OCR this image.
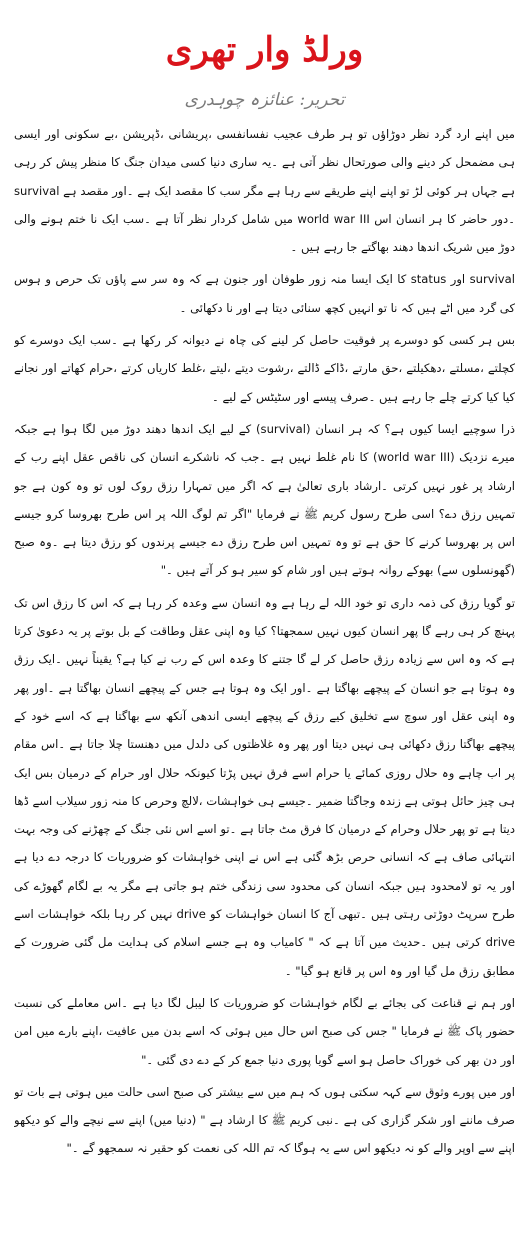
ورلڈ وار تھری
تحریر: عنائزہ چوہدری

میں اپنے ارد گرد نظر دوڑاؤں تو ہر طرف عجیب نفسانفسی ،پریشانی ،ڈپریشن ،بے سکونی اور ایسی ہی مضمحل کر دینے والی صورتحال نظر آتی ہے ۔یہ ساری دنیا کسی میدان جنگ کا منظر پیش کر رہی ہے جہاں ہر کوئی لڑ تو اپنے اپنے طریقے سے رہا ہے مگر سب کا مقصد ایک ہے ۔اور مقصد ہے survival ۔دور حاضر کا ہر انسان اس world war III میں شامل کردار نظر آتا ہے ۔سب ایک نا ختم ہونے والی دوڑ میں شریک اندھا دھند بھاگتے جا رہے ہیں ۔

survival اور status کا ایک ایسا منہ زور طوفان اور جنون ہے کہ وہ سر سے پاؤں تک حرص و ہوس کی گرد میں اٹے ہیں کہ نا تو انہیں کچھ سنائی دیتا ہے اور نا دکھائی ۔

بس ہر کسی کو دوسرے پر فوقیت حاصل کر لینے کی چاہ نے دیوانہ کر رکھا ہے ۔سب ایک دوسرے کو کچلتے ،مسلتے ،دھکیلتے ،حق مارتے ،ڈاکے ڈالتے ،رشوت دیتے ،لیتے ،غلط کاریاں کرتے ،حرام کھاتے اور نجانے کیا کیا کرتے چلے جا رہے ہیں ۔صرف پیسے اور سٹیٹس کے لیے ۔

ذرا سوچیے ایسا کیوں ہے؟ کہ ہر انسان (survival) کے لیے ایک اندھا دھند دوڑ میں لگا ہوا ہے جبکہ میرے نزدیک (world war III) کا نام غلط نہیں ہے ۔جب کہ ناشکرے انسان کی ناقص عقل اپنے رب کے ارشاد پر غور نہیں کرتی ۔ارشاد باری تعالیٰ ہے کہ اگر میں تمہارا رزق روک لوں تو وہ کون ہے جو تمہیں رزق دے؟ اسی طرح رسول کریم ﷺ نے فرمایا "اگر تم لوگ اللہ پر اس طرح بھروسا کرو جیسے اس پر بھروسا کرنے کا حق ہے تو وہ تمہیں اس طرح رزق دے جیسے پرندوں کو رزق دیتا ہے ۔وہ صبح (گھونسلوں سے) بھوکے روانہ ہوتے ہیں اور شام کو سیر ہو کر آتے ہیں ۔"

تو گویا رزق کی ذمہ داری تو خود اللہ لے رہا ہے وہ انسان سے وعدہ کر رہا ہے کہ اس کا رزق اس تک پہنچ کر ہی رہے گا پھر انسان کیوں نہیں سمجھتا؟ کیا وہ اپنی عقل وطاقت کے بل بوتے پر یہ دعویٰ کرتا ہے کہ وہ اس سے زیادہ رزق حاصل کر لے گا جتنے کا وعدہ اس کے رب نے کیا ہے؟ یقیناً نہیں ۔ایک رزق وہ ہوتا ہے جو انسان کے پیچھے بھاگتا ہے ۔اور ایک وہ ہوتا ہے جس کے پیچھے انسان بھاگتا ہے ۔اور پھر وہ اپنی عقل اور سوچ سے تخلیق کیے رزق کے پیچھے ایسی اندھی آنکھ سے بھاگتا ہے کہ اسے خود کے پیچھے بھاگتا رزق دکھائی ہی نہیں دیتا اور پھر وہ غلاظتوں کی دلدل میں دھنستا چلا جاتا ہے ۔اس مقام پر اب چاہے وہ حلال روزی کمائے یا حرام اسے فرق نہیں پڑتا کیونکہ حلال اور حرام کے درمیان بس ایک ہی چیز حائل ہوتی ہے زندہ وجاگتا ضمیر ۔جیسے ہی خواہشات ،لالچ وحرص کا منہ زور سیلاب اسے ڈھا دیتا ہے تو پھر حلال وحرام کے درمیان کا فرق مٹ جاتا ہے ۔تو اسے اس نئی جنگ کے چھڑنے کی وجہ بہت انتہائی صاف ہے کہ انسانی حرص بڑھ گئی ہے اس نے اپنی خواہشات کو ضروریات کا درجہ دے دیا ہے اور یہ تو لامحدود ہیں جبکہ انسان کی محدود سی زندگی ختم ہو جاتی ہے مگر یہ بے لگام گھوڑے کی طرح سرپٹ دوڑتی رہتی ہیں ۔تبھی آج کا انسان خواہشات کو drive نہیں کر رہا بلکہ خواہشات اسے drive کرتی ہیں ۔حدیث میں آتا ہے کہ " کامیاب وہ ہے جسے اسلام کی ہدایت مل گئی ضرورت کے مطابق رزق مل گیا اور وہ اس پر قانع ہو گیا" ۔

اور ہم نے قناعت کی بجائے بے لگام خواہشات کو ضروریات کا لیبل لگا دیا ہے ۔اس معاملے کی نسبت حضور پاک ﷺ نے فرمایا " جس کی صبح اس حال میں ہوئی کہ اسے بدن میں عافیت ،اپنے بارے میں امن اور دن بھر کی خوراک حاصل ہو اسے گویا پوری دنیا جمع کر کے دے دی گئی ۔"

اور میں پورے وثوق سے کہہ سکتی ہوں کہ ہم میں سے بیشتر کی صبح اسی حالت میں ہوتی ہے بات تو صرف ماننے اور شکر گزاری کی ہے ۔نبی کریم ﷺ کا ارشاد ہے " (دنیا میں) اپنے سے نیچے والے کو دیکھو اپنے سے اوپر والے کو نہ دیکھو اس سے یہ ہوگا کہ تم اللہ کی نعمت کو حقیر نہ سمجھو گے ۔"
